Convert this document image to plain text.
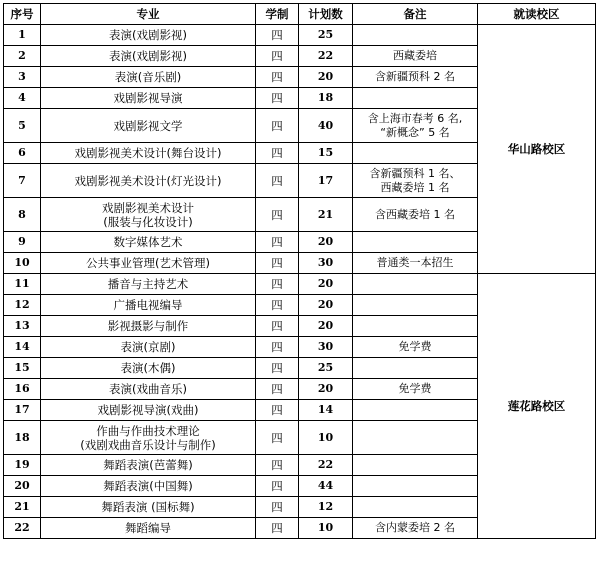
序号	专业	学制	计划数	备注	就读校区
1	表演(戏剧影视)	四	25		华山路校区
2	表演(戏剧影视)	四	22	西藏委培	
3	表演(音乐剧)	四	20	含新疆预科 2 名	
4	戏剧影视导演	四	18		
5	戏剧影视文学	四	40	含上海市春考 6 名,
“新概念” 5 名	
6	戏剧影视美术设计(舞台设计)	四	15		
7	戏剧影视美术设计(灯光设计)	四	17	含新疆预科 1 名、
西藏委培 1 名	
8	戏剧影视美术设计
(服装与化妆设计)	四	21	含西藏委培 1 名	
9	数字媒体艺术	四	20		
10	公共事业管理(艺术管理)	四	30	普通类一本招生	
11	播音与主持艺术	四	20		莲花路校区
12	广播电视编导	四	20		
13	影视摄影与制作	四	20		
14	表演(京剧)	四	30	免学费	
15	表演(木偶)	四	25		
16	表演(戏曲音乐)	四	20	免学费	
17	戏剧影视导演(戏曲)	四	14		
18	作曲与作曲技术理论
(戏剧戏曲音乐设计与制作)	四	10		
19	舞蹈表演(芭蕾舞)	四	22		
20	舞蹈表演(中国舞)	四	44		
21	舞蹈表演 (国标舞)	四	12		
22	舞蹈编导	四	10	含内蒙委培 2 名	
